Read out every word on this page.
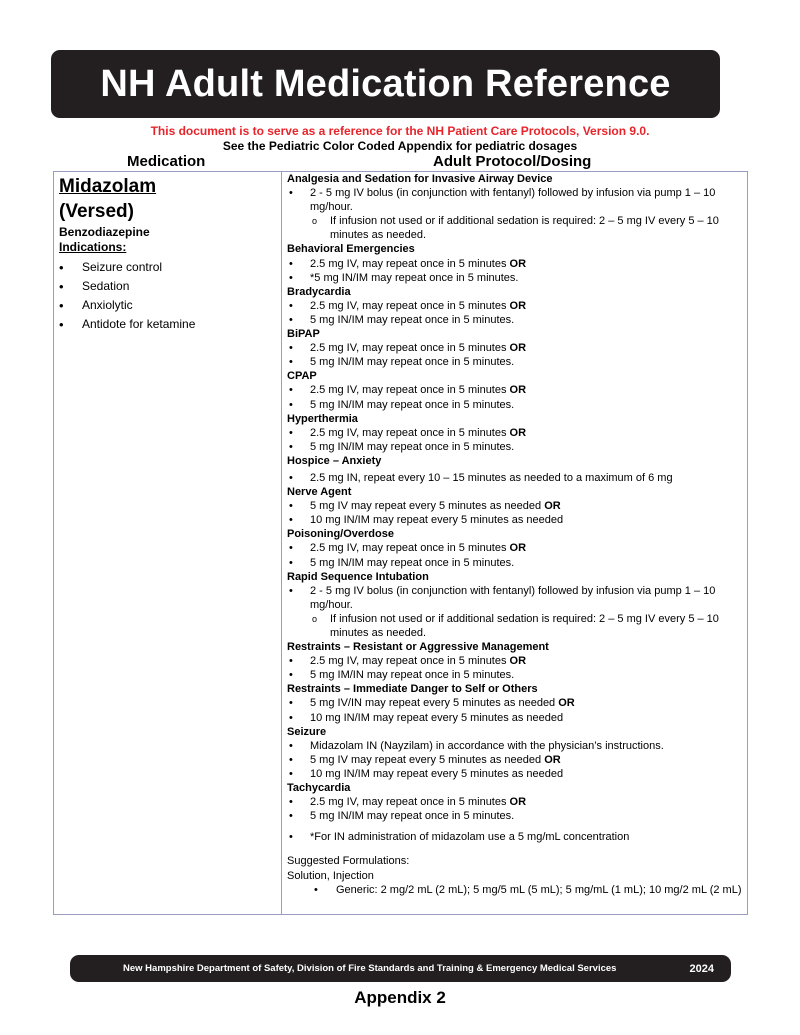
NH Adult Medication Reference
This document is to serve as a reference for the NH Patient Care Protocols, Version 9.0.
See the Pediatric Color Coded Appendix for pediatric dosages
Medication	Adult Protocol/Dosing
Midazolam
(Versed)
Benzodiazepine
Indications:
• Seizure control
• Sedation
• Anxiolytic
• Antidote for ketamine
Analgesia and Sedation for Invasive Airway Device
• 2 - 5 mg IV bolus (in conjunction with fentanyl) followed by infusion via pump 1 – 10 mg/hour.
o If infusion not used or if additional sedation is required: 2 – 5 mg IV every 5 – 10 minutes as needed.
Behavioral Emergencies
• 2.5 mg IV, may repeat once in 5 minutes OR
• *5 mg IN/IM may repeat once in 5 minutes.
Bradycardia
• 2.5 mg IV, may repeat once in 5 minutes OR
• 5 mg IN/IM may repeat once in 5 minutes.
BiPAP
• 2.5 mg IV, may repeat once in 5 minutes OR
• 5 mg IN/IM may repeat once in 5 minutes.
CPAP
• 2.5 mg IV, may repeat once in 5 minutes OR
• 5 mg IN/IM may repeat once in 5 minutes.
Hyperthermia
• 2.5 mg IV, may repeat once in 5 minutes OR
• 5 mg IN/IM may repeat once in 5 minutes.
Hospice – Anxiety
• 2.5 mg IN, repeat every 10 – 15 minutes as needed to a maximum of 6 mg
Nerve Agent
• 5 mg IV may repeat every 5 minutes as needed OR
• 10 mg IN/IM may repeat every 5 minutes as needed
Poisoning/Overdose
• 2.5 mg IV, may repeat once in 5 minutes OR
• 5 mg IN/IM may repeat once in 5 minutes.
Rapid Sequence Intubation
• 2 - 5 mg IV bolus (in conjunction with fentanyl) followed by infusion via pump 1 – 10 mg/hour.
o If infusion not used or if additional sedation is required: 2 – 5 mg IV every 5 – 10 minutes as needed.
Restraints – Resistant or Aggressive Management
• 2.5 mg IV, may repeat once in 5 minutes OR
• 5 mg IM/IN may repeat once in 5 minutes.
Restraints – Immediate Danger to Self or Others
• 5 mg IV/IN may repeat every 5 minutes as needed OR
• 10 mg IN/IM may repeat every 5 minutes as needed
Seizure
• Midazolam IN (Nayzilam) in accordance with the physician’s instructions.
• 5 mg IV may repeat every 5 minutes as needed OR
• 10 mg IN/IM may repeat every 5 minutes as needed
Tachycardia
• 2.5 mg IV, may repeat once in 5 minutes OR
• 5 mg IN/IM may repeat once in 5 minutes.
• *For IN administration of midazolam use a 5 mg/mL concentration
Suggested Formulations:
Solution, Injection
• Generic: 2 mg/2 mL (2 mL); 5 mg/5 mL (5 mL); 5 mg/mL (1 mL); 10 mg/2 mL (2 mL)
New Hampshire Department of Safety, Division of Fire Standards and Training & Emergency Medical Services	2024
Appendix 2
